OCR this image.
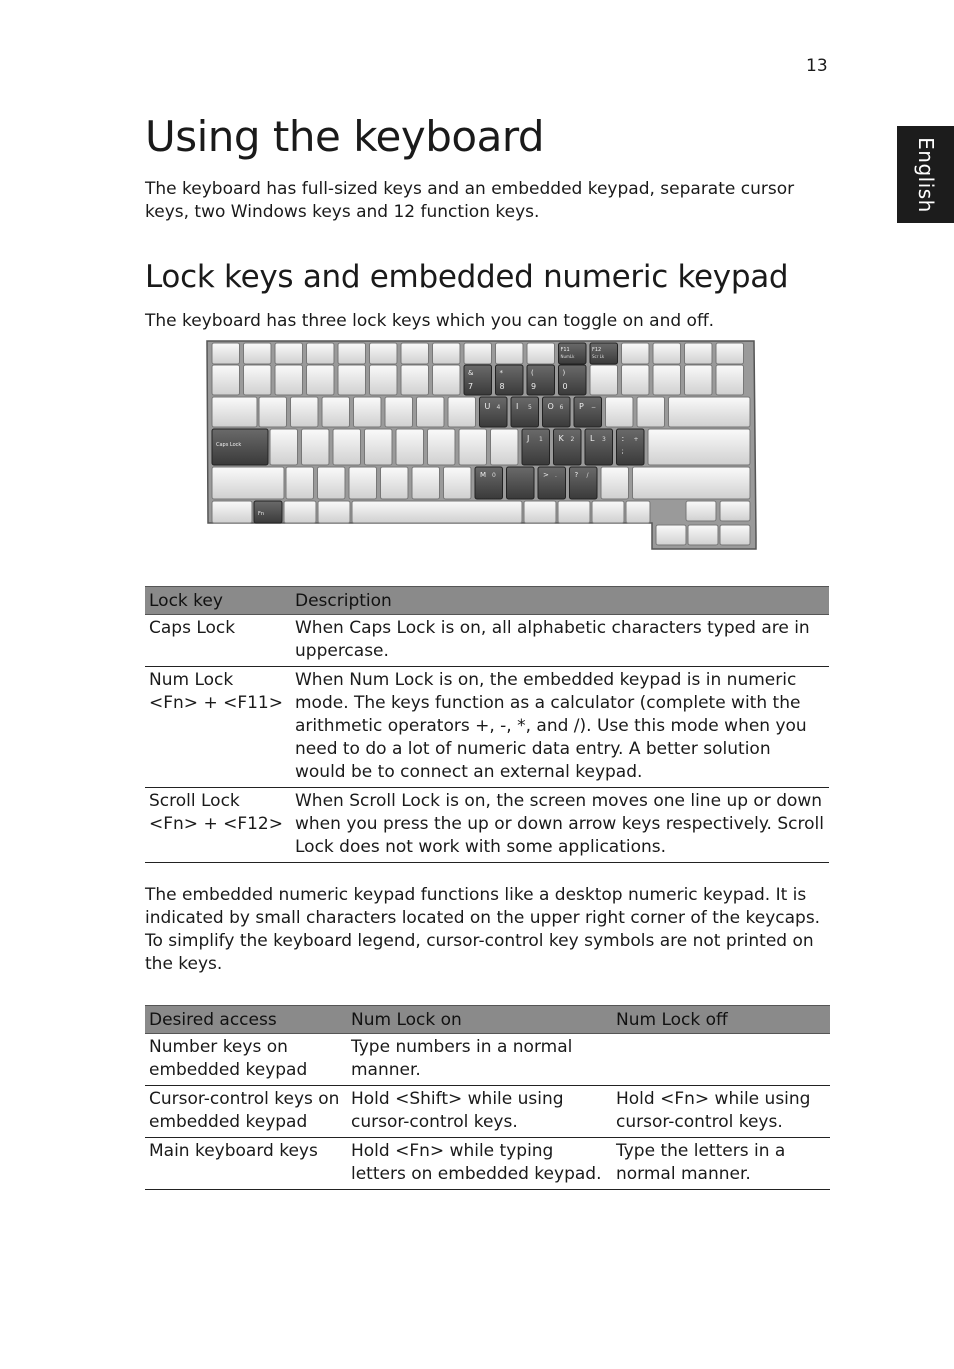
13
English
Using the keyboard

The keyboard has full-sized keys and an embedded keypad, separate cursor keys, two Windows keys and 12 function keys.

Lock keys and embedded numeric keypad

The keyboard has three lock keys which you can toggle on and off.

F11
NumLk
F12
Scr Lk
&
7
*
8
(
9
)
0
U 4 I 5 O 6 P −
Caps Lock
J 1 K 2 L 3 : +
;
M 0	> .	? /
Fn
Lock key	Description
Caps Lock	When Caps Lock is on, all alphabetic characters typed are in uppercase.
Num Lock
<Fn> + <F11>	When Num Lock is on, the embedded keypad is in numeric mode. The keys function as a calculator (complete with the arithmetic operators +, -, *, and /). Use this mode when you need to do a lot of numeric data entry. A better solution would be to connect an external keypad.
Scroll Lock
<Fn> + <F12>	When Scroll Lock is on, the screen moves one line up or down when you press the up or down arrow keys respectively. Scroll Lock does not work with some applications.

The embedded numeric keypad functions like a desktop numeric keypad. It is indicated by small characters located on the upper right corner of the keycaps. To simplify the keyboard legend, cursor-control key symbols are not printed on the keys.

Desired access	Num Lock on	Num Lock off
Number keys on embedded keypad	Type numbers in a normal manner.	
Cursor-control keys on embedded keypad	Hold <Shift> while using cursor-control keys.	Hold <Fn> while using cursor-control keys.
Main keyboard keys	Hold <Fn> while typing letters on embedded keypad.	Type the letters in a normal manner.
